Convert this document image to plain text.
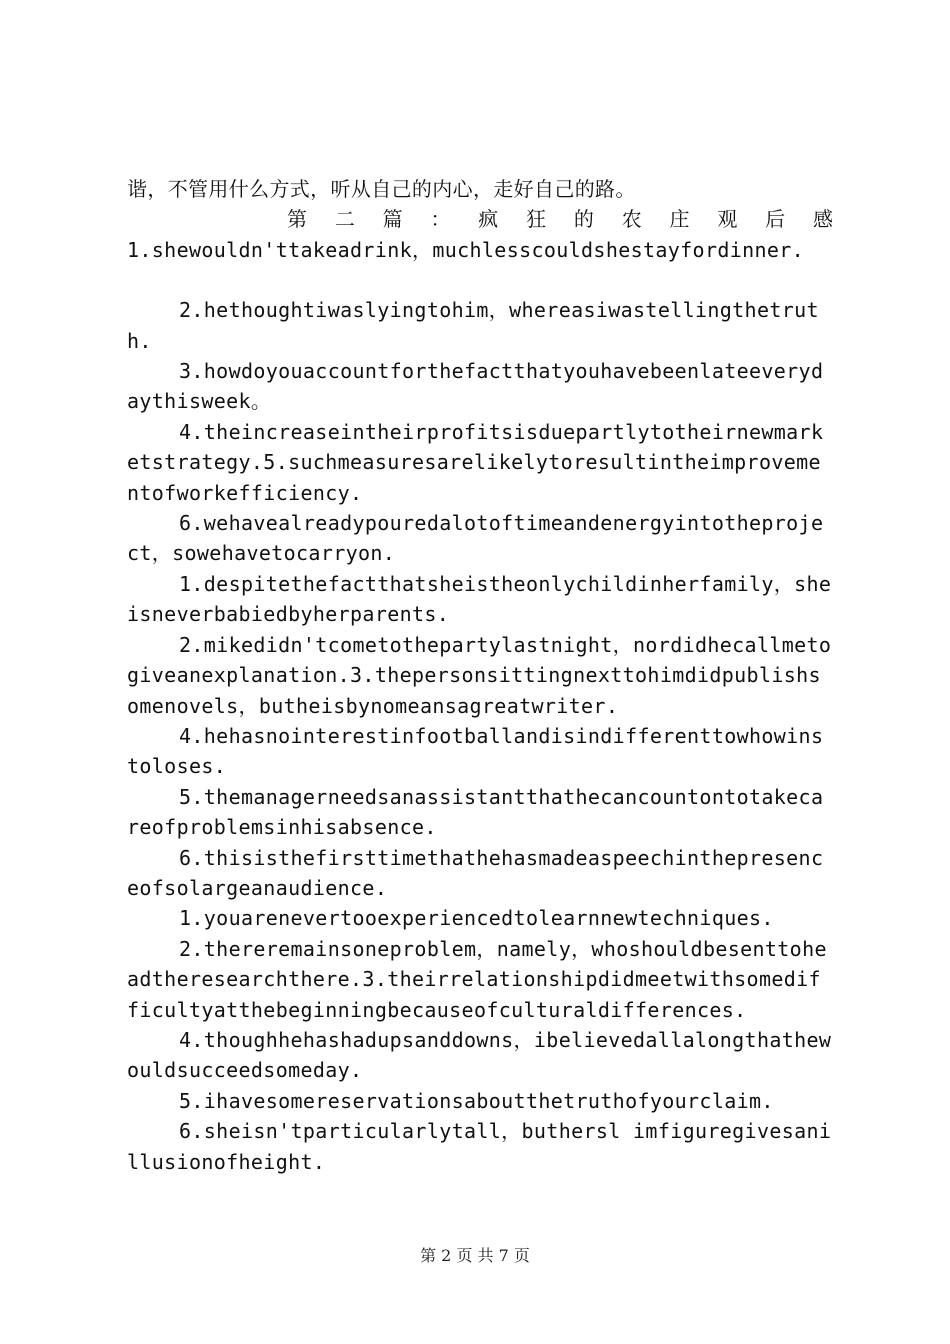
谐，不管用什么方式，听从自己的内心，走好自己的路。
第 二 篇 ： 疯 狂 的 农 庄 观 后 感
1.shewouldn'ttakeadrink，muchlesscouldshestayfordinner.
2.hethoughtiwaslyingtohim，whereasiwastellingthetruth.
3.howdoyouaccountforthefactthatyouhavebeenlateeverydaythisweek。
4.theincreaseintheirprofitsisduepartlytotheirnewmarketstrategy.5.suchmeasuresarelikelytoresultintheimprovementofworkefficiency.
6.wehavealreadypouredalotoftimeandenergyintotheproject，sowehavetocarryon.
1.despitethefactthatsheistheonlychildinherfamily，sheisneverbabiedbyherparents.
2.mikedidn'tcometothepartylastnight，nordidhecallmetogiveanexplanation.3.thepersonsittingnexttohimdidpublishsomenovels，butheisbynomeansagreatwriter.
4.hehasnointerestinfootballandisindifferenttowhowinstoloses.
5.themanagerneedsanassistantthathecancountontotakecareofproblemsinhisabsence.
6.thisisthefirsttimethathehasmadeaspeechinthepresenceofsolargeanaudience.
1.youarenevertooexperiencedtolearnnewtechniques.
2.thereremainsoneproblem，namely，whoshouldbesenttoheadtheresearchthere.3.theirrelationshipdidmeetwithsomedifficultyatthebeginningbecauseofculturaldifferences.
4.thoughhehashadupsanddowns，ibelievedallalongthathewouldsucceedsomeday.
5.ihavesomereservationsaboutthetruthofyourclaim.
6.sheisn'tparticularlytall，buthersl imfiguregivesanillusionofheight.
第 2 页 共 7 页
